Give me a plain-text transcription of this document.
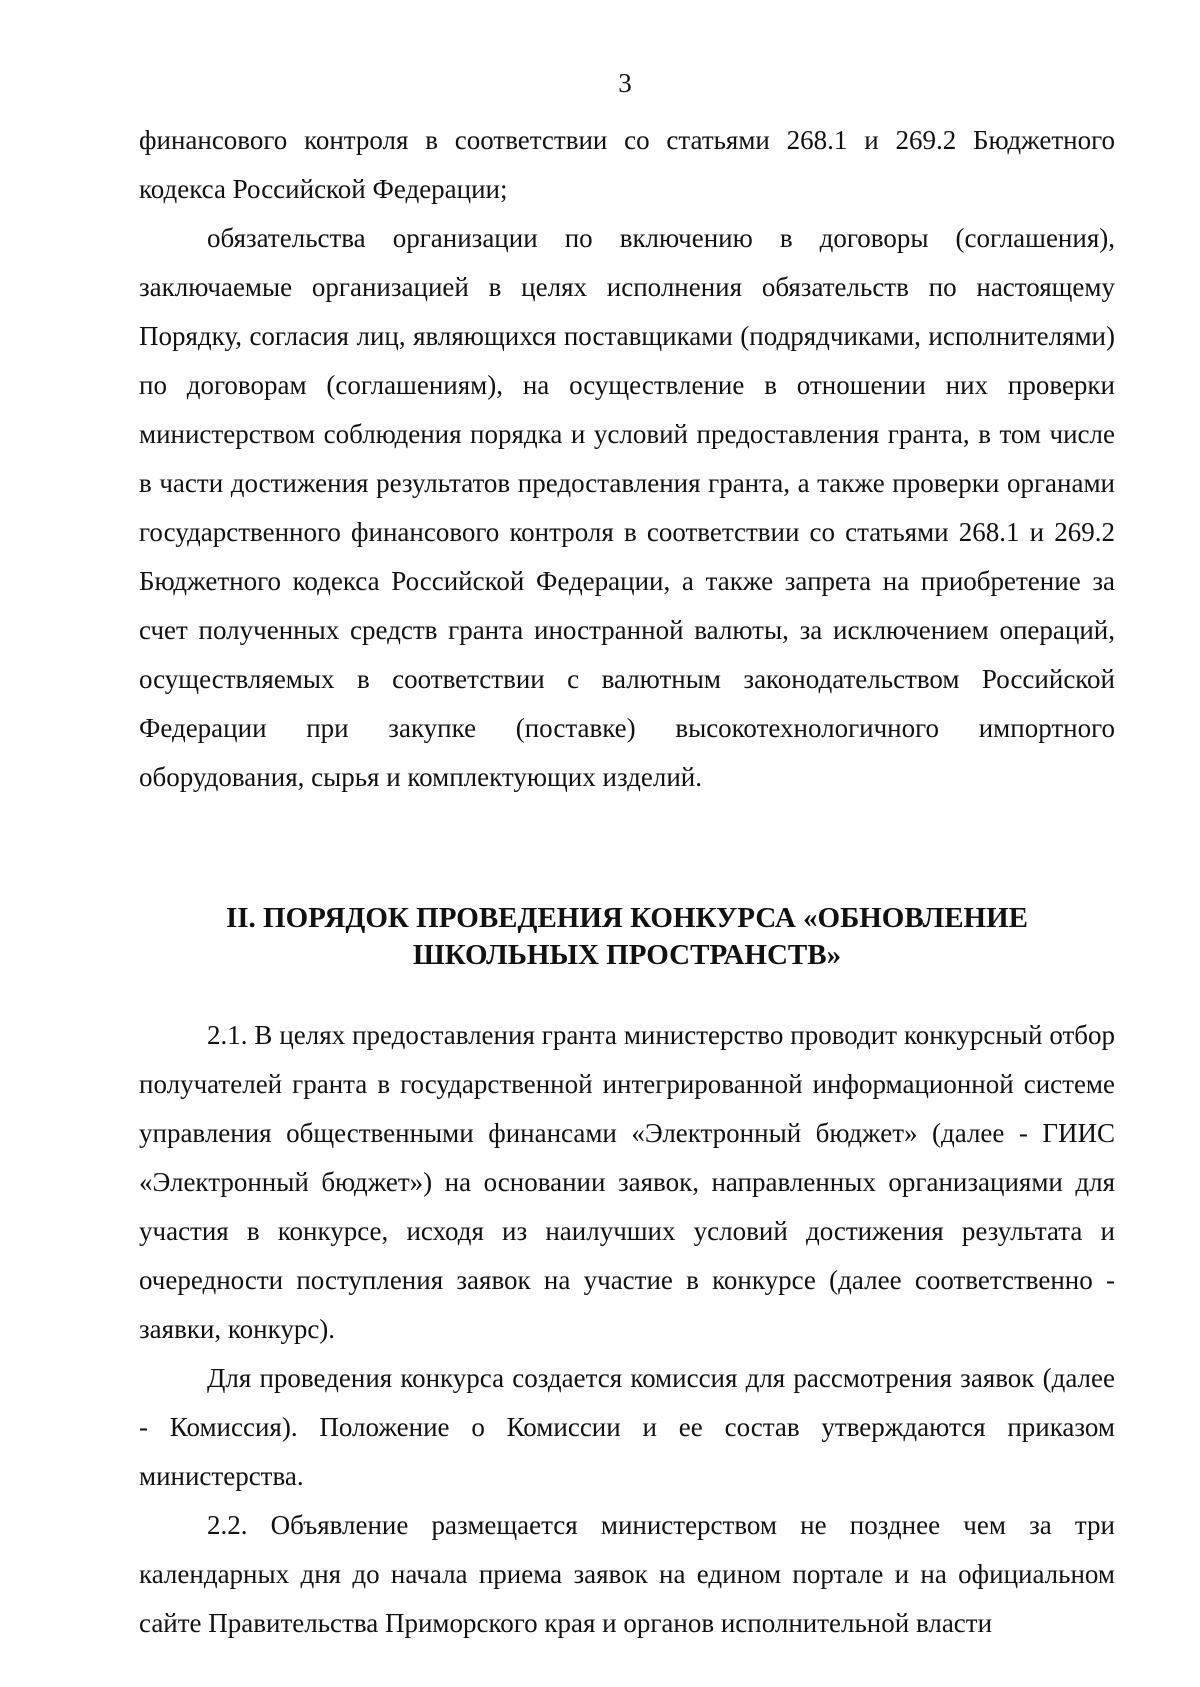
3

финансового контроля в соответствии со статьями 268.1 и 269.2 Бюджетного кодекса Российской Федерации;

обязательства организации по включению в договоры (соглашения), заключаемые организацией в целях исполнения обязательств по настоящему Порядку, согласия лиц, являющихся поставщиками (подрядчиками, исполнителями) по договорам (соглашениям), на осуществление в отношении них проверки министерством соблюдения порядка и условий предоставления гранта, в том числе в части достижения результатов предоставления гранта, а также проверки органами государственного финансового контроля в соответствии со статьями 268.1 и 269.2 Бюджетного кодекса Российской Федерации, а также запрета на приобретение за счет полученных средств гранта иностранной валюты, за исключением операций, осуществляемых в соответствии с валютным законодательством Российской Федерации при закупке (поставке) высокотехнологичного импортного оборудования, сырья и комплектующих изделий.

II. ПОРЯДОК ПРОВЕДЕНИЯ КОНКУРСА «ОБНОВЛЕНИЕ
ШКОЛЬНЫХ ПРОСТРАНСТВ»

2.1. В целях предоставления гранта министерство проводит конкурсный отбор получателей гранта в государственной интегрированной информационной системе управления общественными финансами «Электронный бюджет» (далее - ГИИС «Электронный бюджет») на основании заявок, направленных организациями для участия в конкурсе, исходя из наилучших условий достижения результата и очередности поступления заявок на участие в конкурсе (далее соответственно - заявки, конкурс).

Для проведения конкурса создается комиссия для рассмотрения заявок (далее - Комиссия). Положение о Комиссии и ее состав утверждаются приказом министерства.

2.2. Объявление размещается министерством не позднее чем за три календарных дня до начала приема заявок на едином портале и на официальном сайте Правительства Приморского края и органов исполнительной власти
